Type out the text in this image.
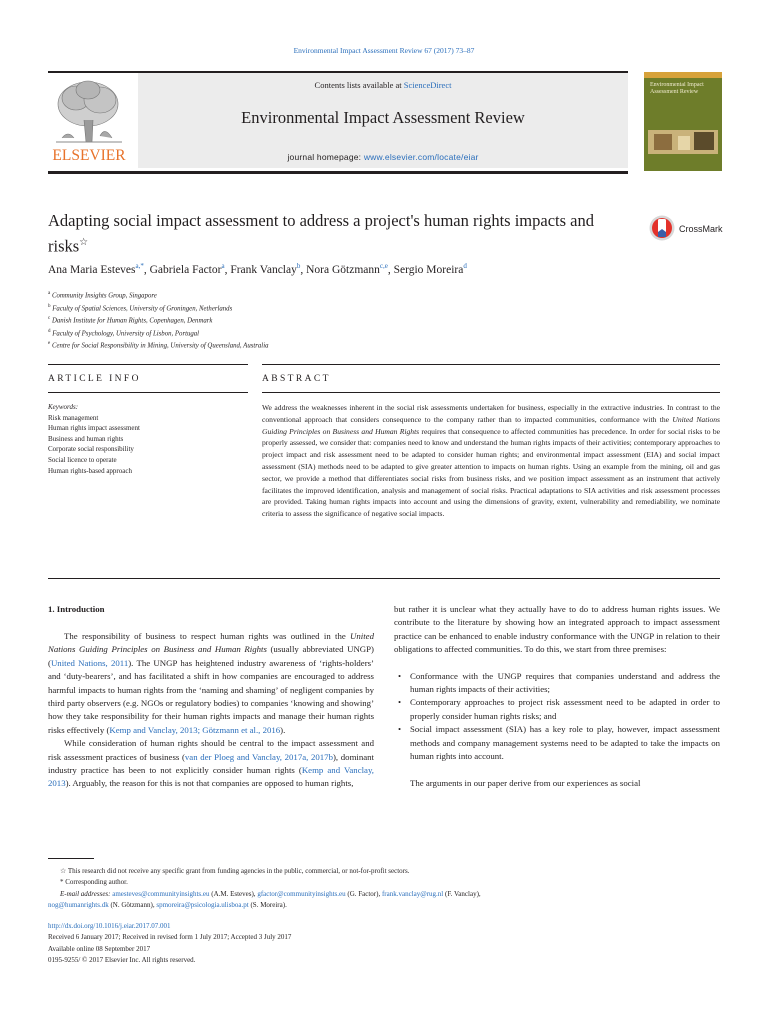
Environmental Impact Assessment Review 67 (2017) 73–87
Contents lists available at ScienceDirect
Environmental Impact Assessment Review
journal homepage: www.elsevier.com/locate/eiar
ELSEVIER
Environmental Impact Assessment Review
Adapting social impact assessment to address a project's human rights impacts and risks☆
CrossMark
Ana Maria Esteves$^{a,*}$, Gabriela Factor$^a$, Frank Vanclay$^b$, Nora Götzmann$^{c,e}$, Sergio Moreira$^d$
$^a$ Community Insights Group, Singapore
$^b$ Faculty of Spatial Sciences, University of Groningen, Netherlands
$^c$ Danish Institute for Human Rights, Copenhagen, Denmark
$^d$ Faculty of Psychology, University of Lisbon, Portugal
$^e$ Centre for Social Responsibility in Mining, University of Queensland, Australia
ARTICLE INFO	ABSTRACT
Keywords:
Risk management
Human rights impact assessment
Business and human rights
Corporate social responsibility
Social licence to operate
Human rights-based approach
We address the weaknesses inherent in the social risk assessments undertaken for business, especially in the extractive industries. In contrast to the conventional approach that considers consequence to the company rather than to impacted communities, conformance with the United Nations Guiding Principles on Business and Human Rights requires that consequence to affected communities has precedence. In order for social risks to be properly assessed, we consider that: companies need to know and understand the human rights impacts of their activities; contemporary approaches to project impact and risk assessment need to be adapted to consider human rights; and environmental impact assessment (EIA) and social impact assessment (SIA) methods need to be adapted to give greater attention to impacts on human rights. Using an example from the mining, oil and gas sector, we provide a method that differentiates social risks from business risks, and we position impact assessment as an instrument that actively facilitates the improved identification, analysis and management of social risks. Practical adaptations to SIA activities and risk assessment processes are provided. Taking human rights impacts into account and using the dimensions of gravity, extent, vulnerability and remediability, we nominate criteria to assess the significance of negative social impacts.
1. Introduction

The responsibility of business to respect human rights was outlined in the United Nations Guiding Principles on Business and Human Rights (usually abbreviated UNGP) (United Nations, 2011). The UNGP has heightened industry awareness of ‘rights-holders’ and ‘duty-bearers’, and has facilitated a shift in how companies are encouraged to address harmful impacts to human rights from the ‘naming and shaming’ of negligent companies by third party observers (e.g. NGOs or regulatory bodies) to companies ‘knowing and showing’ how they take responsibility for their human rights impacts and manage their human rights risks effectively (Kemp and Vanclay, 2013; Götzmann et al., 2016).

While consideration of human rights should be central to the impact assessment and risk assessment practices of business (van der Ploeg and Vanclay, 2017a, 2017b), dominant industry practice has been to not explicitly consider human rights (Kemp and Vanclay, 2013). Arguably, the reason for this is not that companies are opposed to human rights,

but rather it is unclear what they actually have to do to address human rights issues. We contribute to the literature by showing how an integrated approach to impact assessment practice can be enhanced to enable industry conformance with the UNGP in relation to their obligations to affected communities. To do this, we start from three premises:

• Conformance with the UNGP requires that companies understand and address the human rights impacts of their activities;
• Contemporary approaches to project risk assessment need to be adapted in order to properly consider human rights risks; and
• Social impact assessment (SIA) has a key role to play, however, impact assessment methods and company management systems need to be adapted to take the impacts on human rights into account.

The arguments in our paper derive from our experiences as social

☆ This research did not receive any specific grant from funding agencies in the public, commercial, or not-for-profit sectors.
* Corresponding author.
E-mail addresses: amesteves@communityinsights.eu (A.M. Esteves), gfactor@communityinsights.eu (G. Factor), frank.vanclay@rug.nl (F. Vanclay),
nog@humanrights.dk (N. Götzmann), spmoreira@psicologia.ulisboa.pt (S. Moreira).
http://dx.doi.org/10.1016/j.eiar.2017.07.001
Received 6 January 2017; Received in revised form 1 July 2017; Accepted 3 July 2017
Available online 08 September 2017
0195-9255/ © 2017 Elsevier Inc. All rights reserved.
